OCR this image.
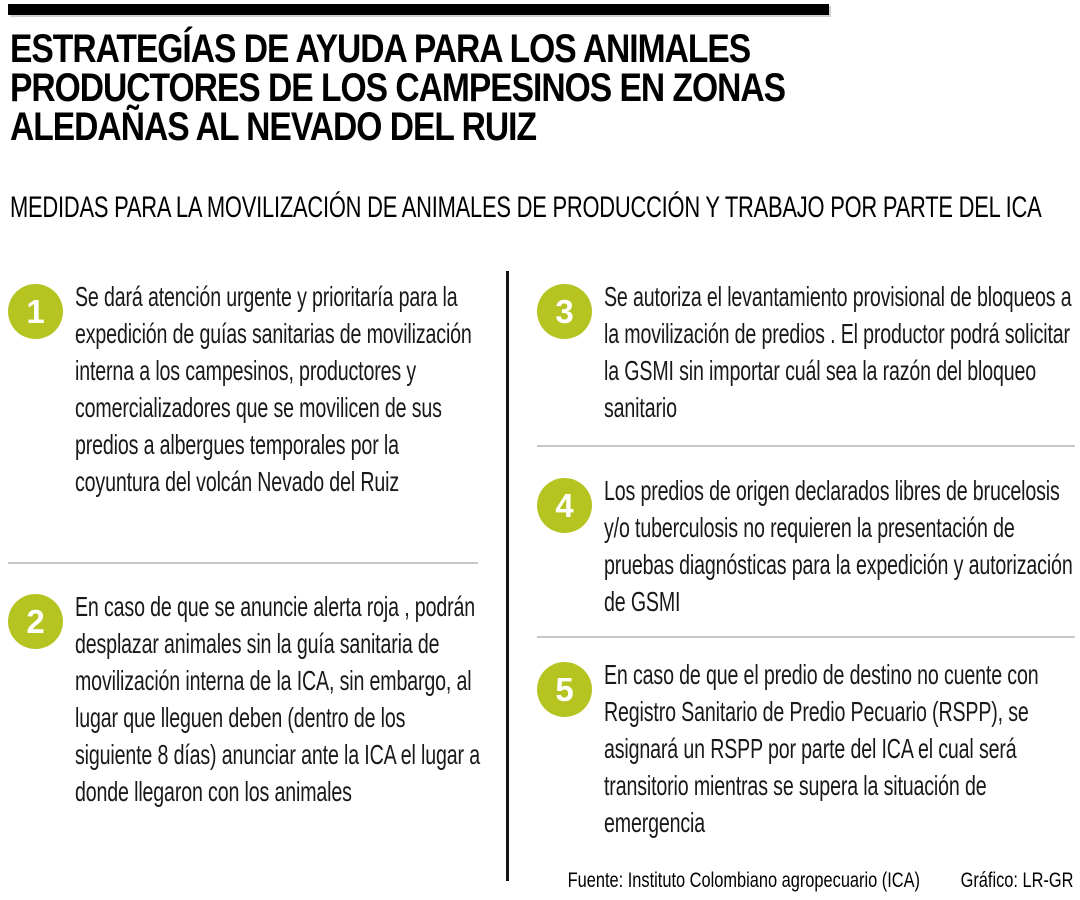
ESTRATEGÍAS DE AYUDA PARA LOS ANIMALES
PRODUCTORES DE LOS CAMPESINOS EN ZONAS
ALEDAÑAS AL NEVADO DEL RUIZ
MEDIDAS PARA LA MOVILIZACIÓN DE ANIMALES DE PRODUCCIÓN Y TRABAJO POR PARTE DEL ICA
1	Se dará atención urgente y prioritaría para la expedición de guías sanitarias de movilización interna a los campesinos, productores y comercializadores que se movilicen de sus predios a albergues temporales por la coyuntura del volcán Nevado del Ruiz
2	En caso de que se anuncie alerta roja , podrán desplazar animales sin la guía sanitaria de movilización interna de la ICA, sin embargo, al lugar que lleguen deben (dentro de los siguiente 8 días) anunciar ante la ICA el lugar a donde llegaron con los animales
3	Se autoriza el levantamiento provisional de bloqueos a la movilización de predios . El productor podrá solicitar la GSMI sin importar cuál sea la razón del bloqueo sanitario
4	Los predios de origen declarados libres de brucelosis y/o tuberculosis no requieren la presentación de pruebas diagnósticas para la expedición y autorización de GSMI
5	En caso de que el predio de destino no cuente con Registro Sanitario de Predio Pecuario (RSPP), se asignará un RSPP por parte del ICA el cual será transitorio mientras se supera la situación de emergencia
Fuente: Instituto Colombiano agropecuario (ICA) Gráfico: LR-GR
